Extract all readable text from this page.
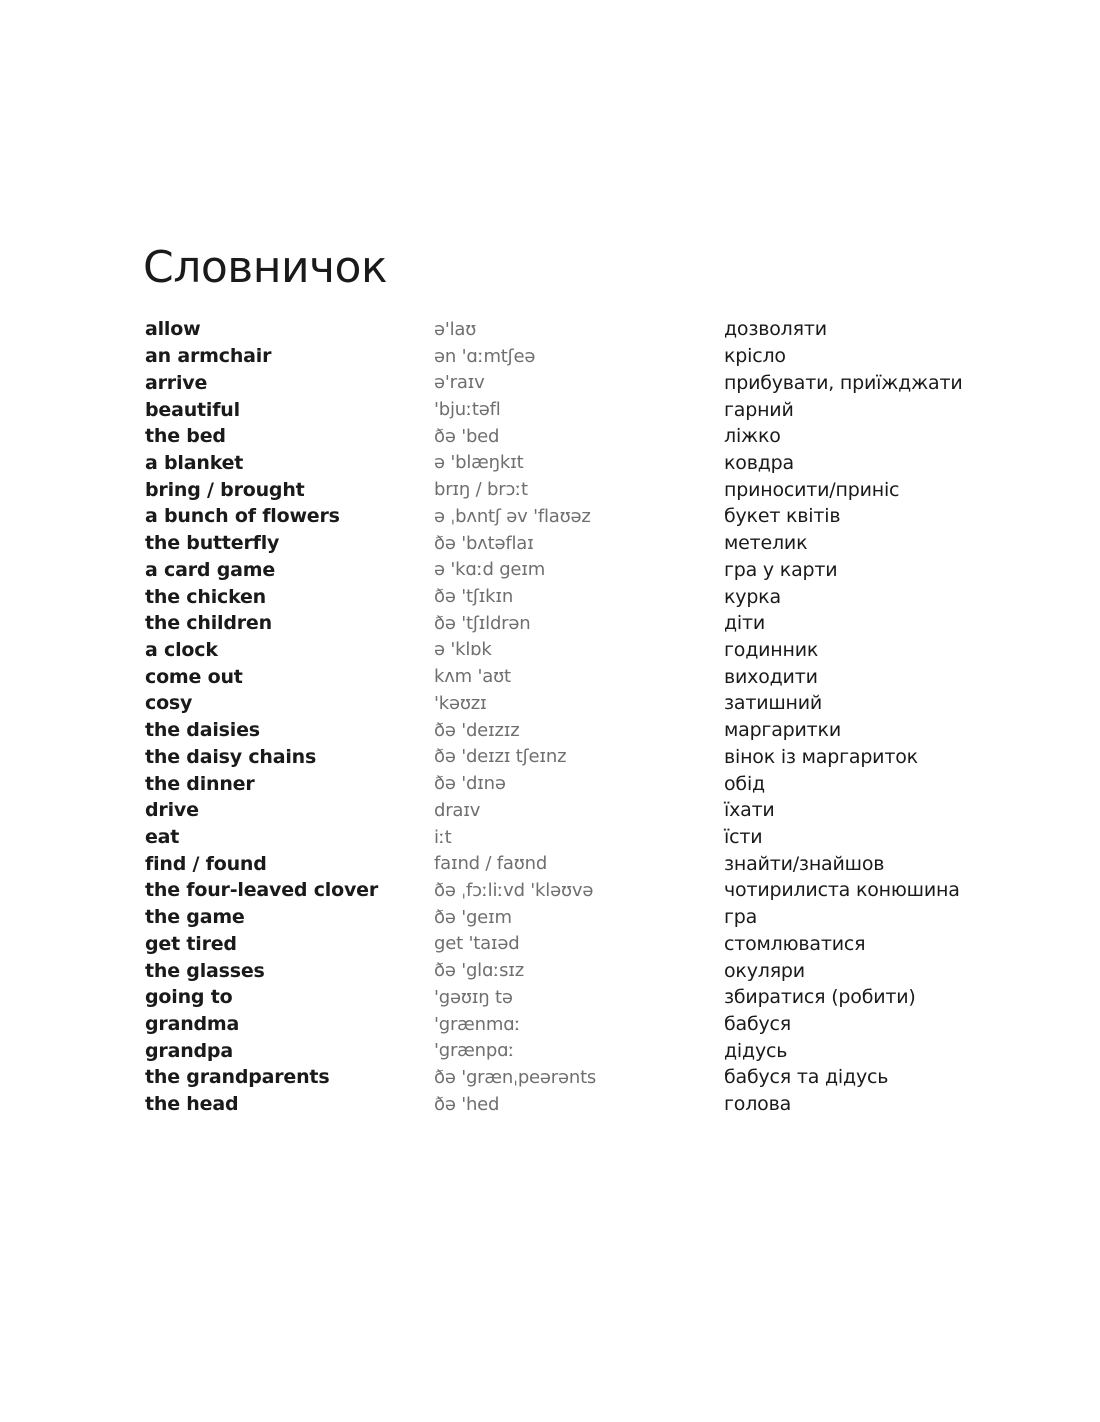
Словничок
allow	ə'laʊ	дозволяти
an armchair	ən 'ɑːmtʃeə	крісло
arrive	ə'raɪv	прибувати, приїжджати
beautiful	'bjuːtəfl	гарний
the bed	ðə 'bed	ліжко
a blanket	ə 'blæŋkɪt	ковдра
bring / brought	brɪŋ / brɔːt	приносити/приніс
a bunch of flowers	ə ˌbʌntʃ əv 'flaʊəz	букет квітів
the butterfly	ðə 'bʌtəflaɪ	метелик
a card game	ə 'kɑːd geɪm	гра у карти
the chicken	ðə 'tʃɪkɪn	курка
the children	ðə 'tʃɪldrən	діти
a clock	ə 'klɒk	годинник
come out	kʌm 'aʊt	виходити
cosy	'kəʊzɪ	затишний
the daisies	ðə 'deɪzɪz	маргаритки
the daisy chains	ðə 'deɪzɪ tʃeɪnz	вінок із маргариток
the dinner	ðə 'dɪnə	обід
drive	draɪv	їхати
eat	iːt	їсти
find / found	faɪnd / faʊnd	знайти/знайшов
the four-leaved clover	ðə ˌfɔːliːvd 'kləʊvə	чотирилиста конюшина
the game	ðə 'geɪm	гра
get tired	get 'taɪəd	стомлюватися
the glasses	ðə 'glɑːsɪz	окуляри
going to	'gəʊɪŋ tə	збиратися (робити)
grandma	'grænmɑː	бабуся
grandpa	'grænpɑː	дідусь
the grandparents	ðə 'grænˌpeərənts	бабуся та дідусь
the head	ðə 'hed	голова
